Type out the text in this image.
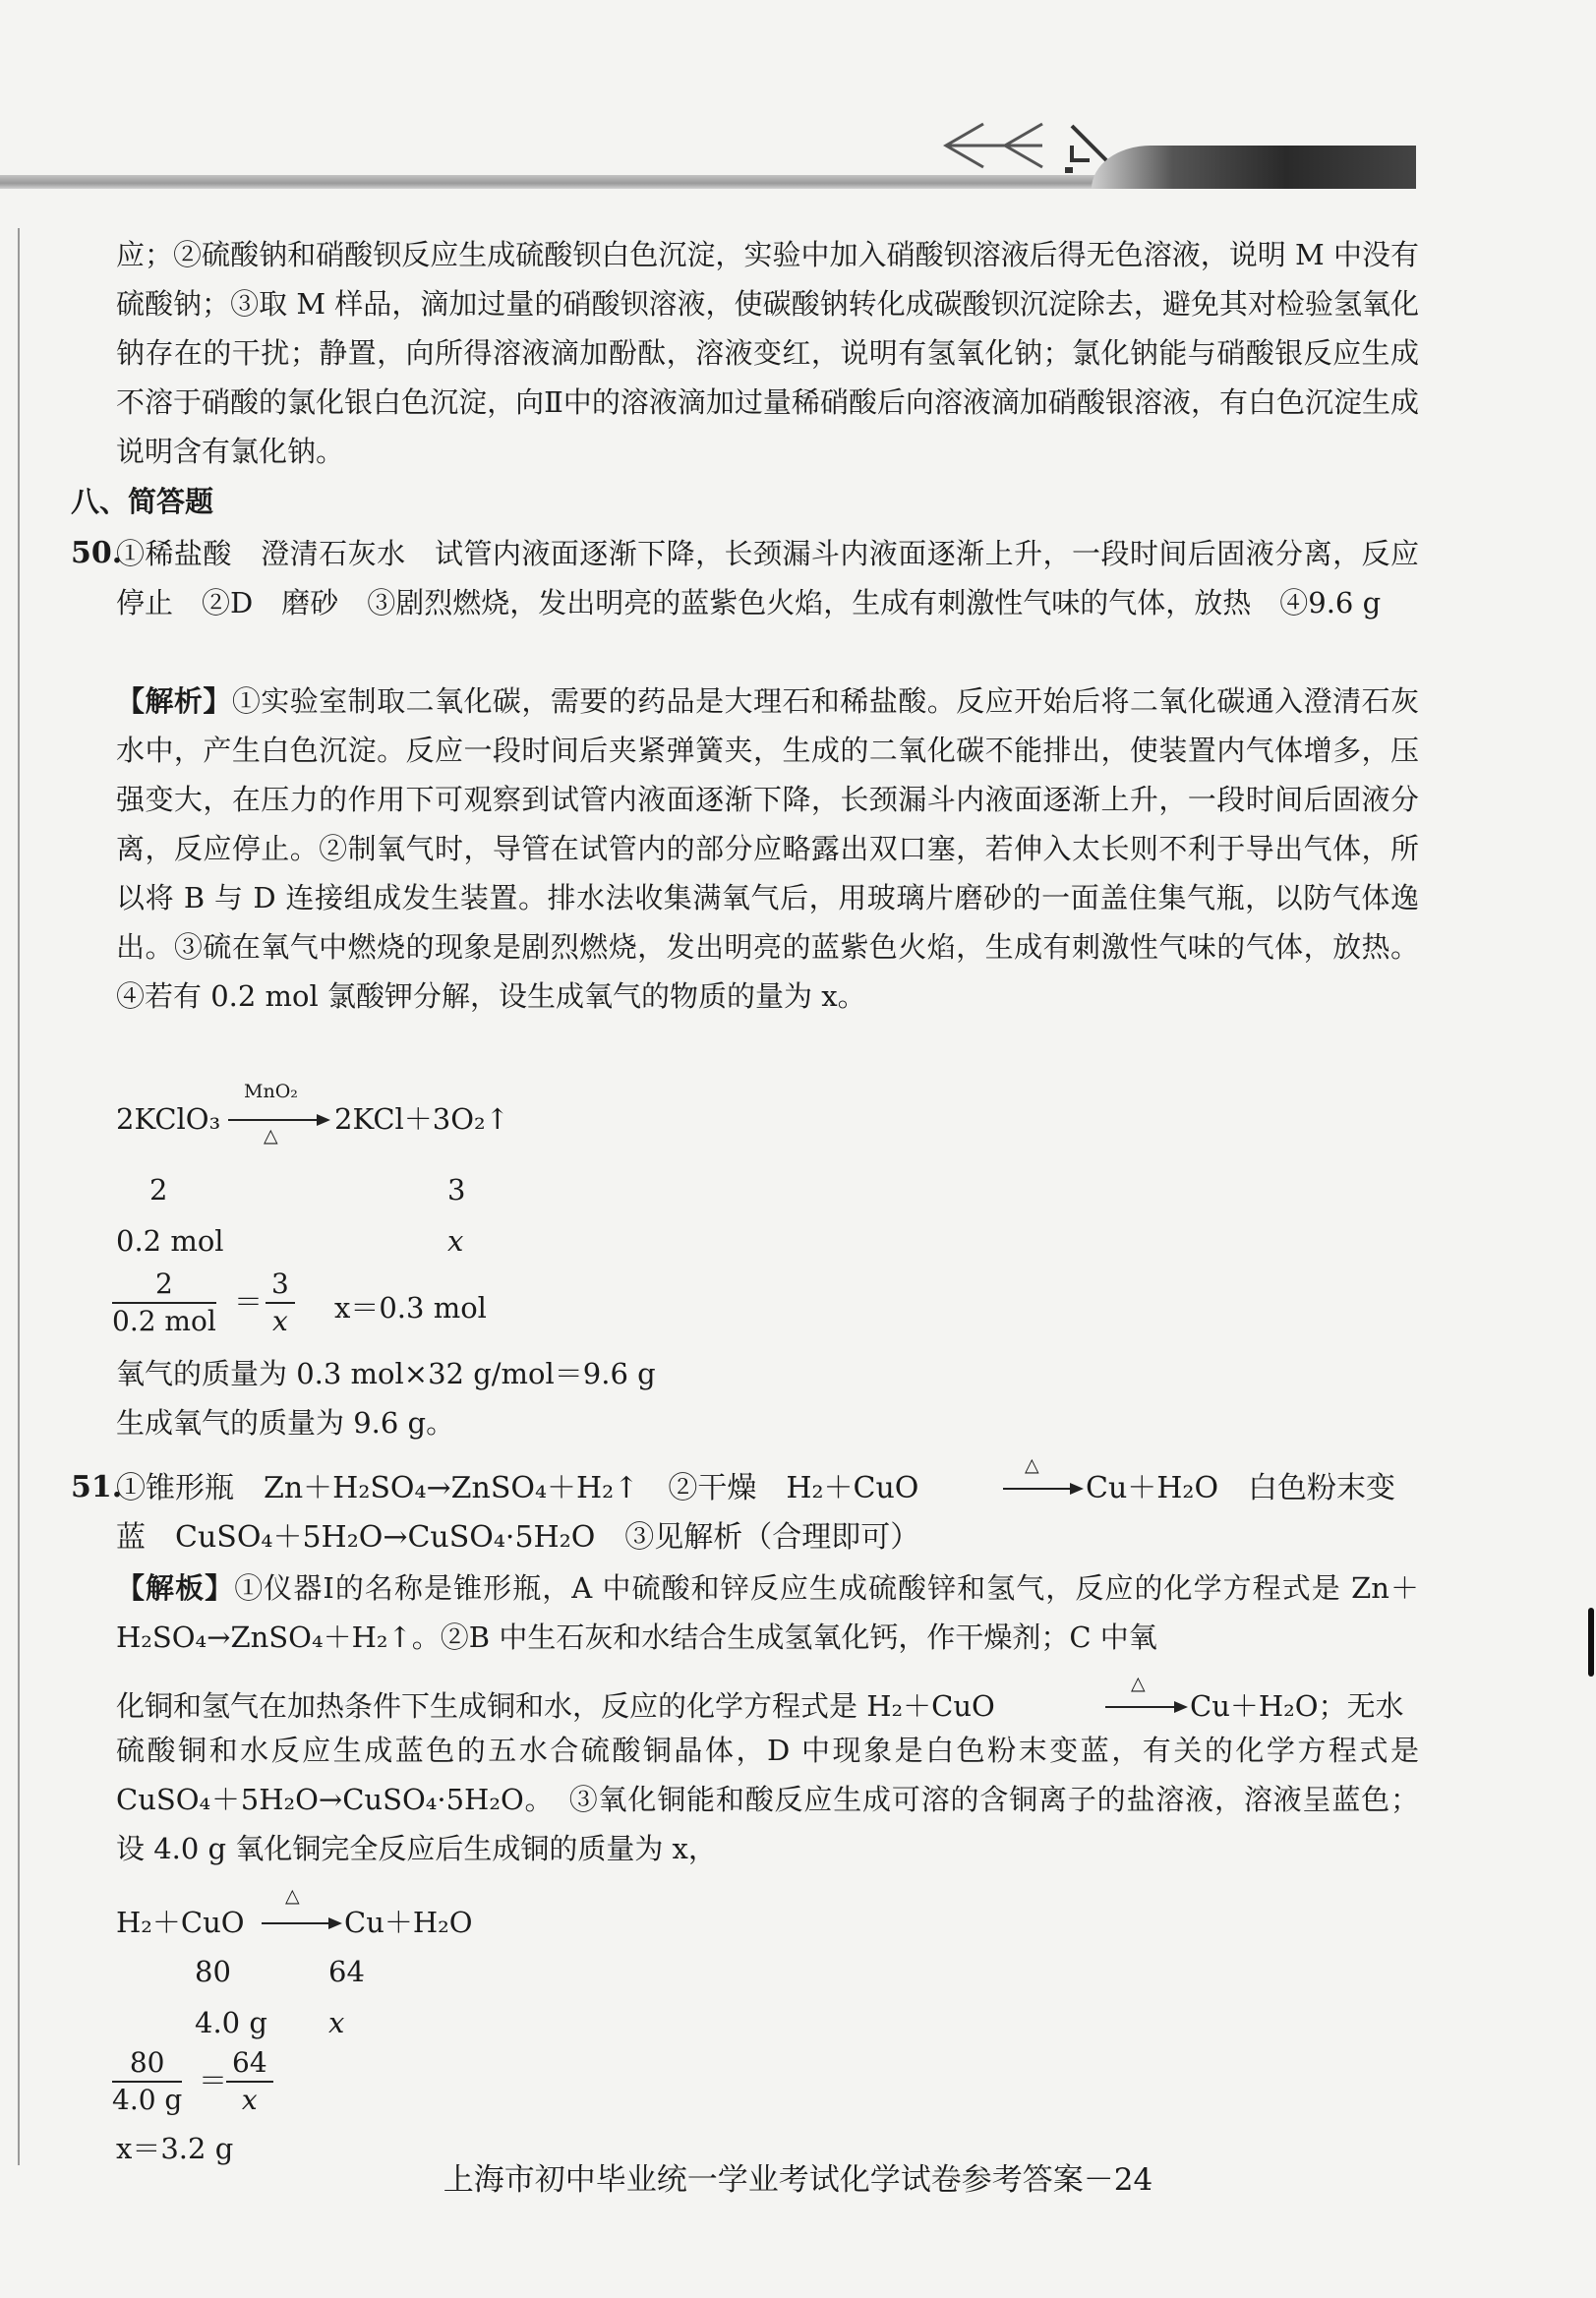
应；②硫酸钠和硝酸钡反应生成硫酸钡白色沉淀，实验中加入硝酸钡溶液后得无色溶液，说明 M 中没有硫酸钠；③取 M 样品，滴加过量的硝酸钡溶液，使碳酸钠转化成碳酸钡沉淀除去，避免其对检验氢氧化钠存在的干扰；静置，向所得溶液滴加酚酞，溶液变红，说明有氢氧化钠；氯化钠能与硝酸银反应生成不溶于硝酸的氯化银白色沉淀，向Ⅱ中的溶液滴加过量稀硝酸后向溶液滴加硝酸银溶液，有白色沉淀生成说明含有氯化钠。

八、简答题

50.

①稀盐酸　澄清石灰水　试管内液面逐渐下降，长颈漏斗内液面逐渐上升，一段时间后固液分离，反应停止　②D　磨砂　③剧烈燃烧，发出明亮的蓝紫色火焰，生成有刺激性气味的气体，放热　④9.6 g

【解析】①实验室制取二氧化碳，需要的药品是大理石和稀盐酸。反应开始后将二氧化碳通入澄清石灰水中，产生白色沉淀。反应一段时间后夹紧弹簧夹，生成的二氧化碳不能排出，使装置内气体增多，压强变大，在压力的作用下可观察到试管内液面逐渐下降，长颈漏斗内液面逐渐上升，一段时间后固液分离，反应停止。②制氧气时，导管在试管内的部分应略露出双口塞，若伸入太长则不利于导出气体，所以将 B 与 D 连接组成发生装置。排水法收集满氧气后，用玻璃片磨砂的一面盖住集气瓶，以防气体逸出。③硫在氧气中燃烧的现象是剧烈燃烧，发出明亮的蓝紫色火焰，生成有刺激性气味的气体，放热。④若有 0.2 mol 氯酸钾分解，设生成氧气的物质的量为 x。

2KClO₃
MnO₂
△ 2KCl＋3O₂↑
2	3
0.2 mol	x
2
0.2 mol
＝ $\frac{3}{x} x=0.3$ mol
氧气的质量为 0.3 mol×32 g/mol＝9.6 g
生成氧气的质量为 9.6 g。
51.
①锥形瓶　Zn＋H₂SO₄→ZnSO₄＋H₂↑　②干燥　H₂＋CuO
△
Cu＋H₂O　白色粉末变
蓝　CuSO₄＋5H₂O→CuSO₄·5H₂O　③见解析（合理即可）

【解板】①仪器Ⅰ的名称是锥形瓶，A 中硫酸和锌反应生成硫酸锌和氢气，反应的化学方程式是 Zn＋H₂SO₄→ZnSO₄＋H₂↑。②B 中生石灰和水结合生成氢氧化钙，作干燥剂；C 中氧

化铜和氢气在加热条件下生成铜和水，反应的化学方程式是 H₂＋CuO
△
Cu＋H₂O；无水

硫酸铜和水反应生成蓝色的五水合硫酸铜晶体，D 中现象是白色粉末变蓝，有关的化学方程式是 CuSO₄＋5H₂O→CuSO₄·5H₂O。　③氧化铜能和酸反应生成可溶的含铜离子的盐溶液，溶液呈蓝色；设 4.0 g 氧化铜完全反应后生成铜的质量为 x，

H₂＋CuO
△
Cu＋H₂O
80	64
4.0 g x
$\frac{80}{4.0 g}$ ＝
$\frac{64}{x}$
x＝3.2 g
上海市初中毕业统一学业考试化学试卷参考答案－24
